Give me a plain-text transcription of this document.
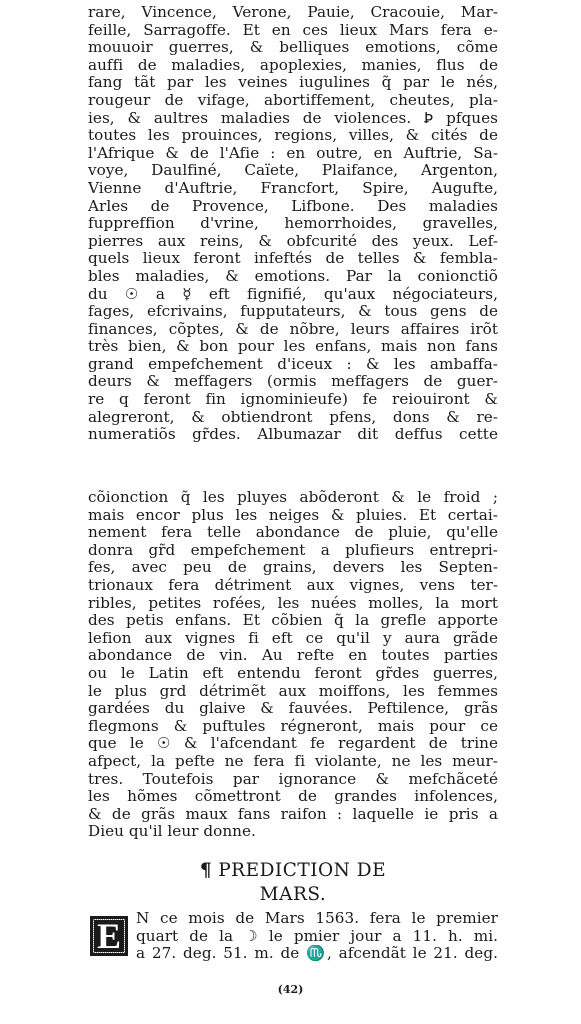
rare, Vincence, Verone, Pauie, Cracouie, Mar-
feille, Sarragoffe. Et en ces lieux Mars fera e-
mouuoir guerres, & belliques emotions, cõme
auffi de maladies, apoplexies, manies, flus de
fang tãt par les veines iugulines q̃ par le nés,
rougeur de vifage, abortiffement, cheutes, pla-
ies, & aultres maladies de violences. Ꝧ pfques
toutes les prouinces, regions, villes, & cités de
l'Afrique & de l'Afie : en outre, en Auftrie, Sa-
voye, Daulfiné, Caïete, Plaifance, Argenton,
Vienne d'Auftrie, Francfort, Spire, Augufte,
Arles de Provence, Lifbone. Des maladies
fuppreffion d'vrine, hemorrhoides, gravelles,
pierres aux reins, & obfcurité des yeux. Lef-
quels lieux feront infeftés de telles & fembla-
bles maladies, & emotions. Par la conionctiõ
du ☉ a ☿ eft fignifié, qu'aux négociateurs,
fages, efcrivains, fupputateurs, & tous gens de
finances, cõptes, & de nõbre, leurs affaires irõt
très bien, & bon pour les enfans, mais non fans
grand empefchement d'iceux : & les ambaffa-
deurs & meffagers (ormis meffagers de guer-
re q feront fin ignominieufe) fe reiouiront &
alegreront, & obtiendront pfens, dons & re-
numeratiõs gr̃des. Albumazar dit deffus cette
cõionction q̃ les pluyes abõderont & le froid ;
mais encor plus les neiges & pluies. Et certai-
nement fera telle abondance de pluie, qu'elle
donra gr̃d empefchement a plufieurs entrepri-
fes, avec peu de grains, devers les Septen-
trionaux fera détriment aux vignes, vens ter-
ribles, petites rofées, les nuées molles, la mort
des petis enfans. Et cõbien q̃ la grefle apporte
lefion aux vignes fi eft ce qu'il y aura grãde
abondance de vin. Au refte en toutes parties
ou le Latin eft entendu feront gr̃des guerres,
le plus grd détrimẽt aux moiffons, les femmes
gardées du glaive & fauvées. Peftilence, grãs
flegmons & puftules régneront, mais pour ce
que le ☉ & l'afcendant fe regardent de trine
afpect, la pefte ne fera fi violante, ne les meur-
tres. Toutefois par ignorance & mefchãceté
les hõmes cõmettront de grandes infolences,
& de grãs maux fans raifon : laquelle ie pris a
Dieu qu'il leur donne.
¶ PREDICTION DE
MARS.
E N ce mois de Mars 1563. fera le premier
quart de la ☽ le pmier jour a 11. h. mi.
a 27. deg. 51. m. de ♏, afcendãt le 21. deg.
(42)
